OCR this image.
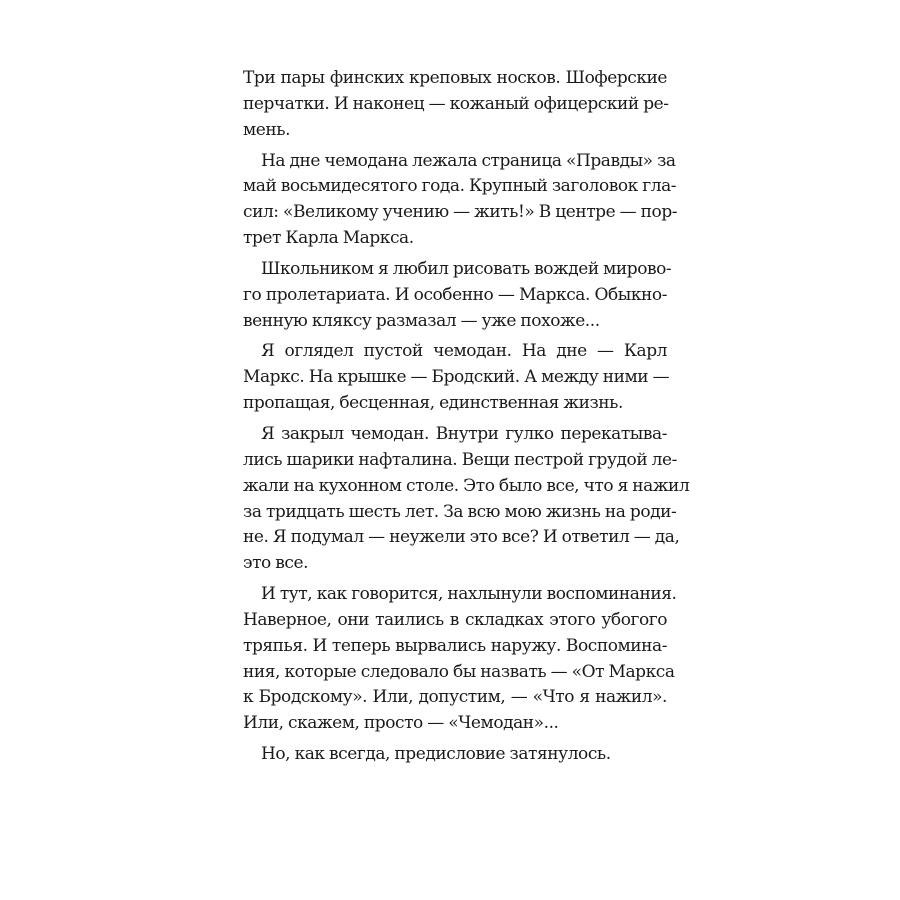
Три пары финских креповых носков. Шоферские
перчатки. И наконец — кожаный офицерский ре-
мень.
На дне чемодана лежала страница «Правды» за
май восьмидесятого года. Крупный заголовок гла-
сил: «Великому учению — жить!» В центре — пор-
трет Карла Маркса.
Школьником я любил рисовать вождей мирово-
го пролетариата. И особенно — Маркса. Обыкно-
венную кляксу размазал — уже похоже...
Я оглядел пустой чемодан. На дне — Карл
Маркс. На крышке — Бродский. А между ними —
пропащая, бесценная, единственная жизнь.
Я закрыл чемодан. Внутри гулко перекатыва-
лись шарики нафталина. Вещи пестрой грудой ле-
жали на кухонном столе. Это было все, что я нажил
за тридцать шесть лет. За всю мою жизнь на роди-
не. Я подумал — неужели это все? И ответил — да,
это все.
И тут, как говорится, нахлынули воспоминания.
Наверное, они таились в складках этого убогого
тряпья. И теперь вырвались наружу. Воспомина-
ния, которые следовало бы назвать — «От Маркса
к Бродскому». Или, допустим, — «Что я нажил».
Или, скажем, просто — «Чемодан»...
Но, как всегда, предисловие затянулось.
